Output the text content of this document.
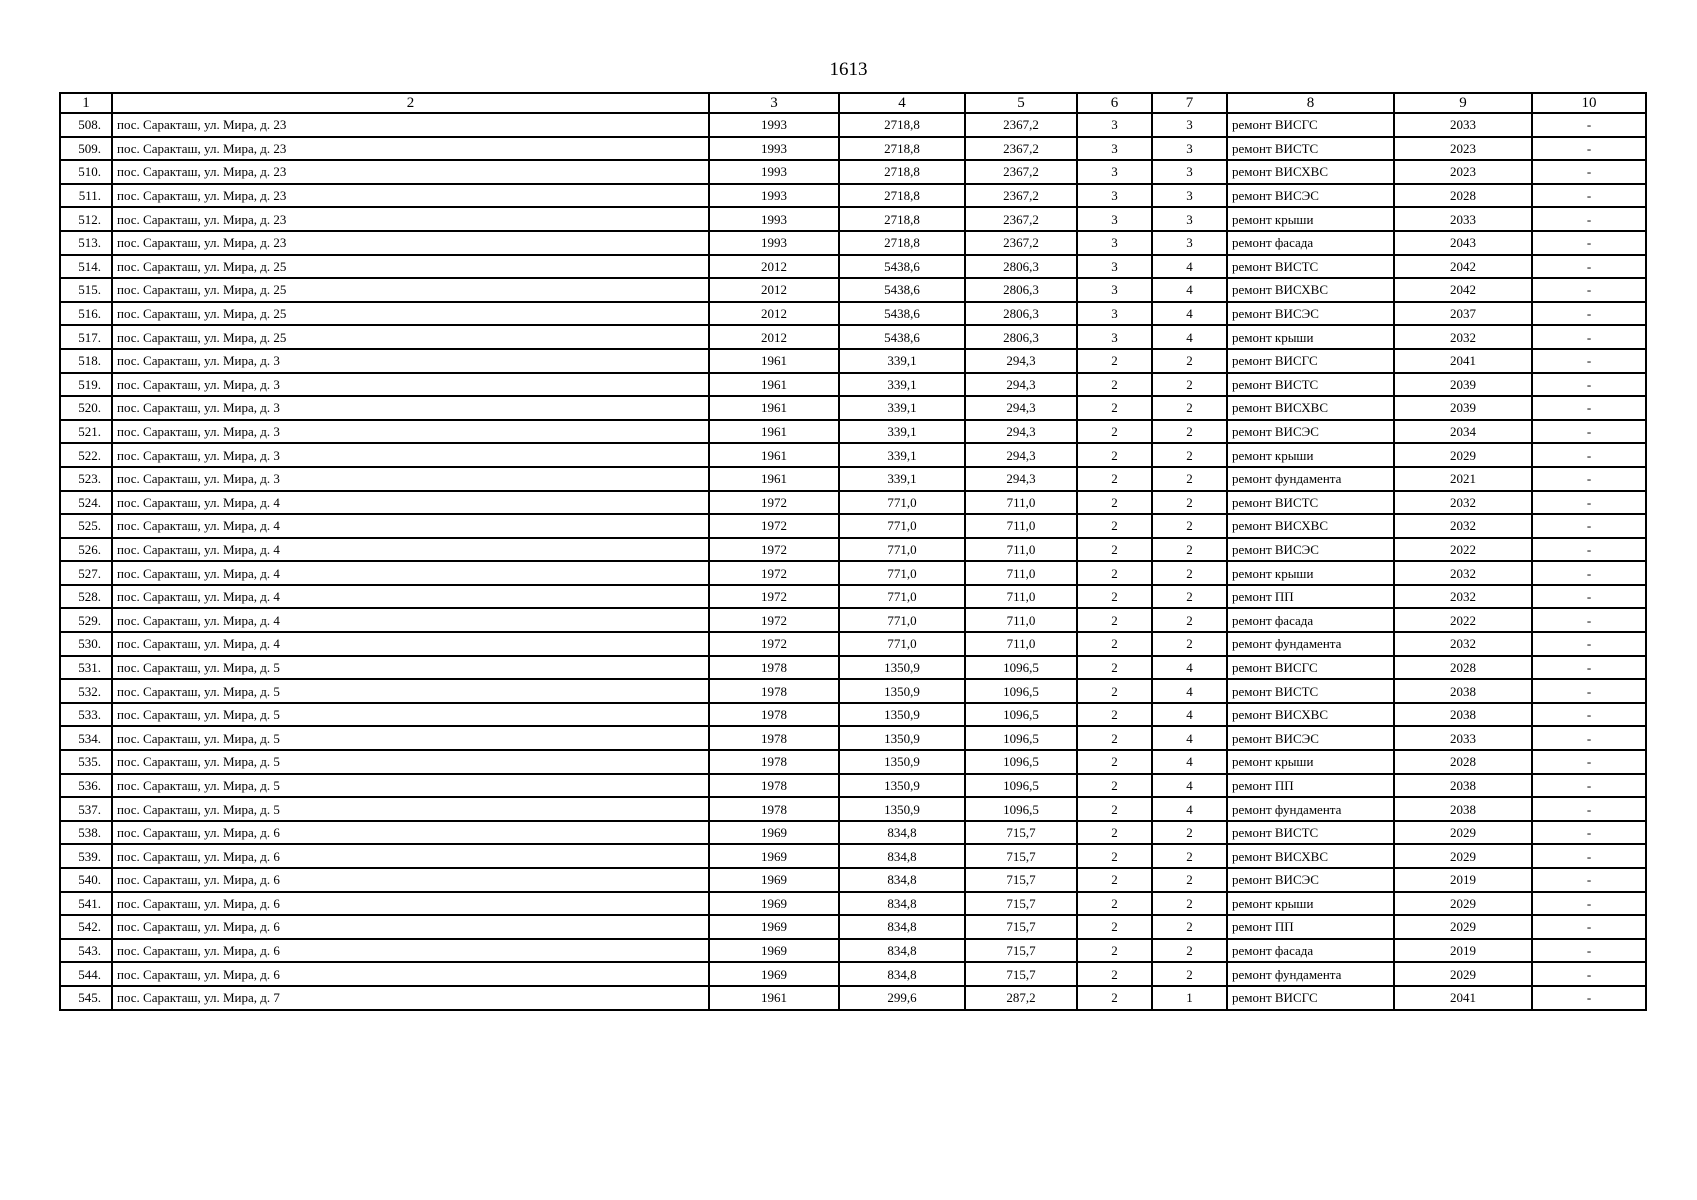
1613
1	2	3	4	5	6	7	8	9	10
508.	пос. Саракташ, ул. Мира, д. 23	1993	2718,8	2367,2	3	3	ремонт ВИСГС	2033	-
509.	пос. Саракташ, ул. Мира, д. 23	1993	2718,8	2367,2	3	3	ремонт ВИСТС	2023	-
510.	пос. Саракташ, ул. Мира, д. 23	1993	2718,8	2367,2	3	3	ремонт ВИСХВС	2023	-
511.	пос. Саракташ, ул. Мира, д. 23	1993	2718,8	2367,2	3	3	ремонт ВИСЭС	2028	-
512.	пос. Саракташ, ул. Мира, д. 23	1993	2718,8	2367,2	3	3	ремонт крыши	2033	-
513.	пос. Саракташ, ул. Мира, д. 23	1993	2718,8	2367,2	3	3	ремонт фасада	2043	-
514.	пос. Саракташ, ул. Мира, д. 25	2012	5438,6	2806,3	3	4	ремонт ВИСТС	2042	-
515.	пос. Саракташ, ул. Мира, д. 25	2012	5438,6	2806,3	3	4	ремонт ВИСХВС	2042	-
516.	пос. Саракташ, ул. Мира, д. 25	2012	5438,6	2806,3	3	4	ремонт ВИСЭС	2037	-
517.	пос. Саракташ, ул. Мира, д. 25	2012	5438,6	2806,3	3	4	ремонт крыши	2032	-
518.	пос. Саракташ, ул. Мира, д. 3	1961	339,1	294,3	2	2	ремонт ВИСГС	2041	-
519.	пос. Саракташ, ул. Мира, д. 3	1961	339,1	294,3	2	2	ремонт ВИСТС	2039	-
520.	пос. Саракташ, ул. Мира, д. 3	1961	339,1	294,3	2	2	ремонт ВИСХВС	2039	-
521.	пос. Саракташ, ул. Мира, д. 3	1961	339,1	294,3	2	2	ремонт ВИСЭС	2034	-
522.	пос. Саракташ, ул. Мира, д. 3	1961	339,1	294,3	2	2	ремонт крыши	2029	-
523.	пос. Саракташ, ул. Мира, д. 3	1961	339,1	294,3	2	2	ремонт фундамента	2021	-
524.	пос. Саракташ, ул. Мира, д. 4	1972	771,0	711,0	2	2	ремонт ВИСТС	2032	-
525.	пос. Саракташ, ул. Мира, д. 4	1972	771,0	711,0	2	2	ремонт ВИСХВС	2032	-
526.	пос. Саракташ, ул. Мира, д. 4	1972	771,0	711,0	2	2	ремонт ВИСЭС	2022	-
527.	пос. Саракташ, ул. Мира, д. 4	1972	771,0	711,0	2	2	ремонт крыши	2032	-
528.	пос. Саракташ, ул. Мира, д. 4	1972	771,0	711,0	2	2	ремонт ПП	2032	-
529.	пос. Саракташ, ул. Мира, д. 4	1972	771,0	711,0	2	2	ремонт фасада	2022	-
530.	пос. Саракташ, ул. Мира, д. 4	1972	771,0	711,0	2	2	ремонт фундамента	2032	-
531.	пос. Саракташ, ул. Мира, д. 5	1978	1350,9	1096,5	2	4	ремонт ВИСГС	2028	-
532.	пос. Саракташ, ул. Мира, д. 5	1978	1350,9	1096,5	2	4	ремонт ВИСТС	2038	-
533.	пос. Саракташ, ул. Мира, д. 5	1978	1350,9	1096,5	2	4	ремонт ВИСХВС	2038	-
534.	пос. Саракташ, ул. Мира, д. 5	1978	1350,9	1096,5	2	4	ремонт ВИСЭС	2033	-
535.	пос. Саракташ, ул. Мира, д. 5	1978	1350,9	1096,5	2	4	ремонт крыши	2028	-
536.	пос. Саракташ, ул. Мира, д. 5	1978	1350,9	1096,5	2	4	ремонт ПП	2038	-
537.	пос. Саракташ, ул. Мира, д. 5	1978	1350,9	1096,5	2	4	ремонт фундамента	2038	-
538.	пос. Саракташ, ул. Мира, д. 6	1969	834,8	715,7	2	2	ремонт ВИСТС	2029	-
539.	пос. Саракташ, ул. Мира, д. 6	1969	834,8	715,7	2	2	ремонт ВИСХВС	2029	-
540.	пос. Саракташ, ул. Мира, д. 6	1969	834,8	715,7	2	2	ремонт ВИСЭС	2019	-
541.	пос. Саракташ, ул. Мира, д. 6	1969	834,8	715,7	2	2	ремонт крыши	2029	-
542.	пос. Саракташ, ул. Мира, д. 6	1969	834,8	715,7	2	2	ремонт ПП	2029	-
543.	пос. Саракташ, ул. Мира, д. 6	1969	834,8	715,7	2	2	ремонт фасада	2019	-
544.	пос. Саракташ, ул. Мира, д. 6	1969	834,8	715,7	2	2	ремонт фундамента	2029	-
545.	пос. Саракташ, ул. Мира, д. 7	1961	299,6	287,2	2	1	ремонт ВИСГС	2041	-
